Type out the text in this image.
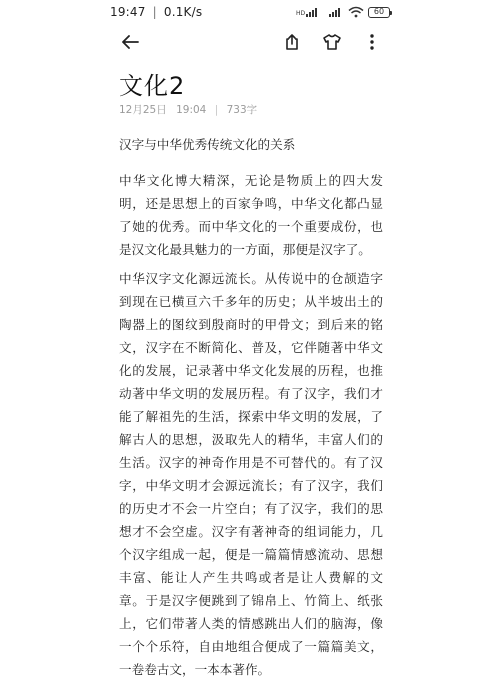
19:47 | 0.1K/s	HD	60
文化2
12月25日 19:04 | 733字

汉字与中华优秀传统文化的关系

中华文化博大精深，无论是物质上的四大发明，还是思想上的百家争鸣，中华文化都凸显了她的优秀。而中华文化的一个重要成份，也是汉文化最具魅力的一方面，那便是汉字了。

中华汉字文化源远流长。从传说中的仓颉造字到现在已横亘六千多年的历史；从半坡出土的陶器上的图纹到殷商时的甲骨文；到后来的铭文，汉字在不断简化、普及，它伴随著中华文化的发展，记录著中华文化发展的历程，也推动著中华文明的发展历程。有了汉字，我们才能了解祖先的生活，探索中华文明的发展，了解古人的思想，汲取先人的精华，丰富人们的生活。汉字的神奇作用是不可替代的。有了汉字，中华文明才会源远流长；有了汉字，我们的历史才不会一片空白；有了汉字，我们的思想才不会空虚。汉字有著神奇的组词能力，几个汉字组成一起，便是一篇篇情感流动、思想丰富、能让人产生共鸣或者是让人费解的文章。于是汉字便跳到了锦帛上、竹简上、纸张上，它们带著人类的情感跳出人们的脑海，像一个个乐符，自由地组合便成了一篇篇美文，一卷卷古文，一本本著作。
